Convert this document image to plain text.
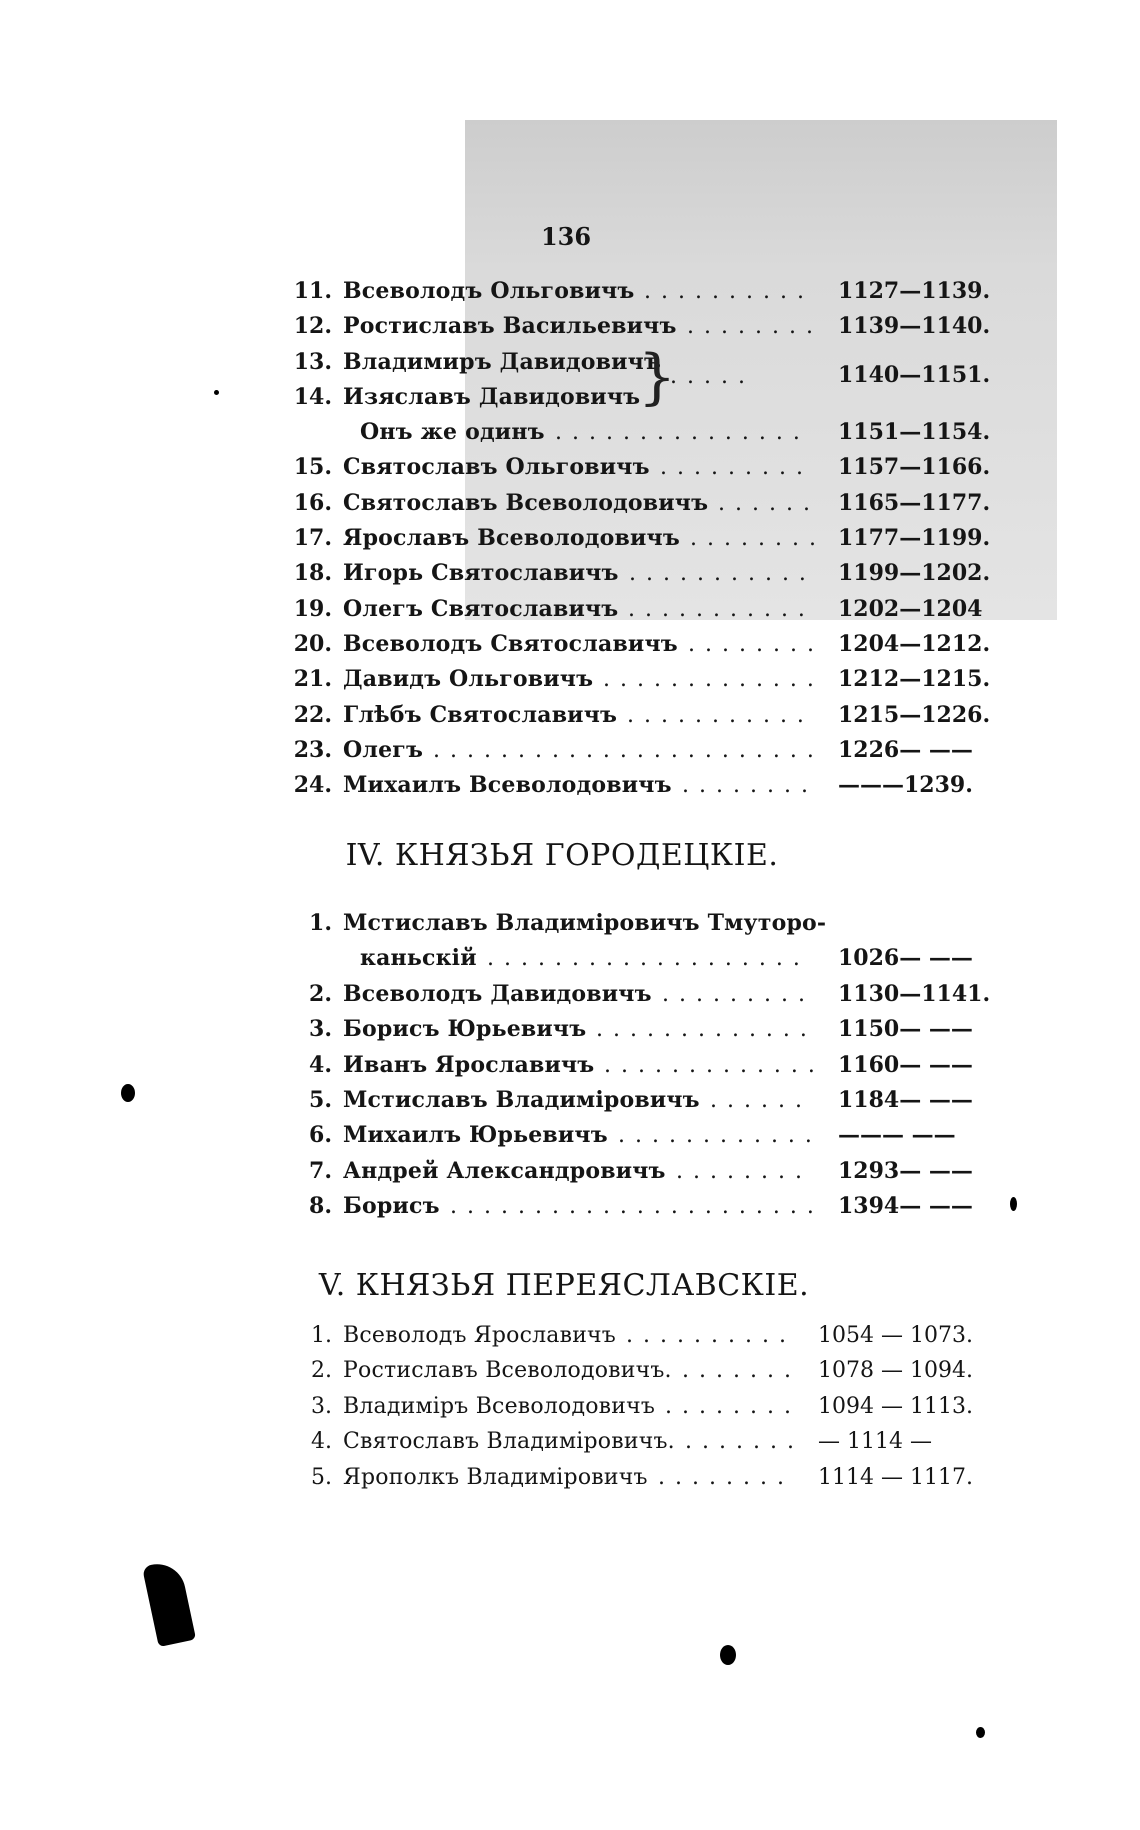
136
11. Всеволодъ Ольговичъ .......... 1127—1139.
12. Ростиславъ Васильевичъ ........ 1139—1140.
13. Владимиръ Давидовичъ
14. Изяславъ Давидовичъ
Онъ же одинъ ............... 1151—1154.
15. Святославъ Ольговичъ ......... 1157—1166.
16. Святославъ Всеволодовичъ ...... 1165—1177.
17. Ярославъ Всеволодовичъ ........ 1177—1199.
18. Игорь Святославичъ ........... 1199—1202.
19. Олегъ Святославичъ ........... 1202—1204
20. Всеволодъ Святославичъ ........ 1204—1212.
21. Давидъ Ольговичъ ............. 1212—1215.
22. Глѣбъ Святославичъ ........... 1215—1226.
23. Олегъ ....................... 1226— ——
24. Михаилъ Всеволодовичъ ........ ———1239.
}	1140—1151.
IV. КНЯЗЬЯ ГОРОДЕЦКІЕ.
1. Мстиславъ Владиміровичъ Тмуторо-
каньскій ................... 1026— ——
2. Всеволодъ Давидовичъ ......... 1130—1141.
3. Борисъ Юрьевичъ ............. 1150— ——
4. Иванъ Ярославичъ ............. 1160— ——
5. Мстиславъ Владиміровичъ ...... 1184— ——
6. Михаилъ Юрьевичъ ............ ——— ——
7. Андрей Александровичъ ........ 1293— ——
8. Борисъ ...................... 1394— ——
V. КНЯЗЬЯ ПЕРЕЯСЛАВСКІЕ.
1. Всеволодъ Ярославичъ .......... 1054 — 1073.
2. Ростиславъ Всеволодовичъ. ....... 1078 — 1094.
3. Владиміръ Всеволодовичъ ........ 1094 — 1113.
4. Святославъ Владиміровичъ. ....... — 1114 —
5. Ярополкъ Владиміровичъ ........ 1114 — 1117.
.....
